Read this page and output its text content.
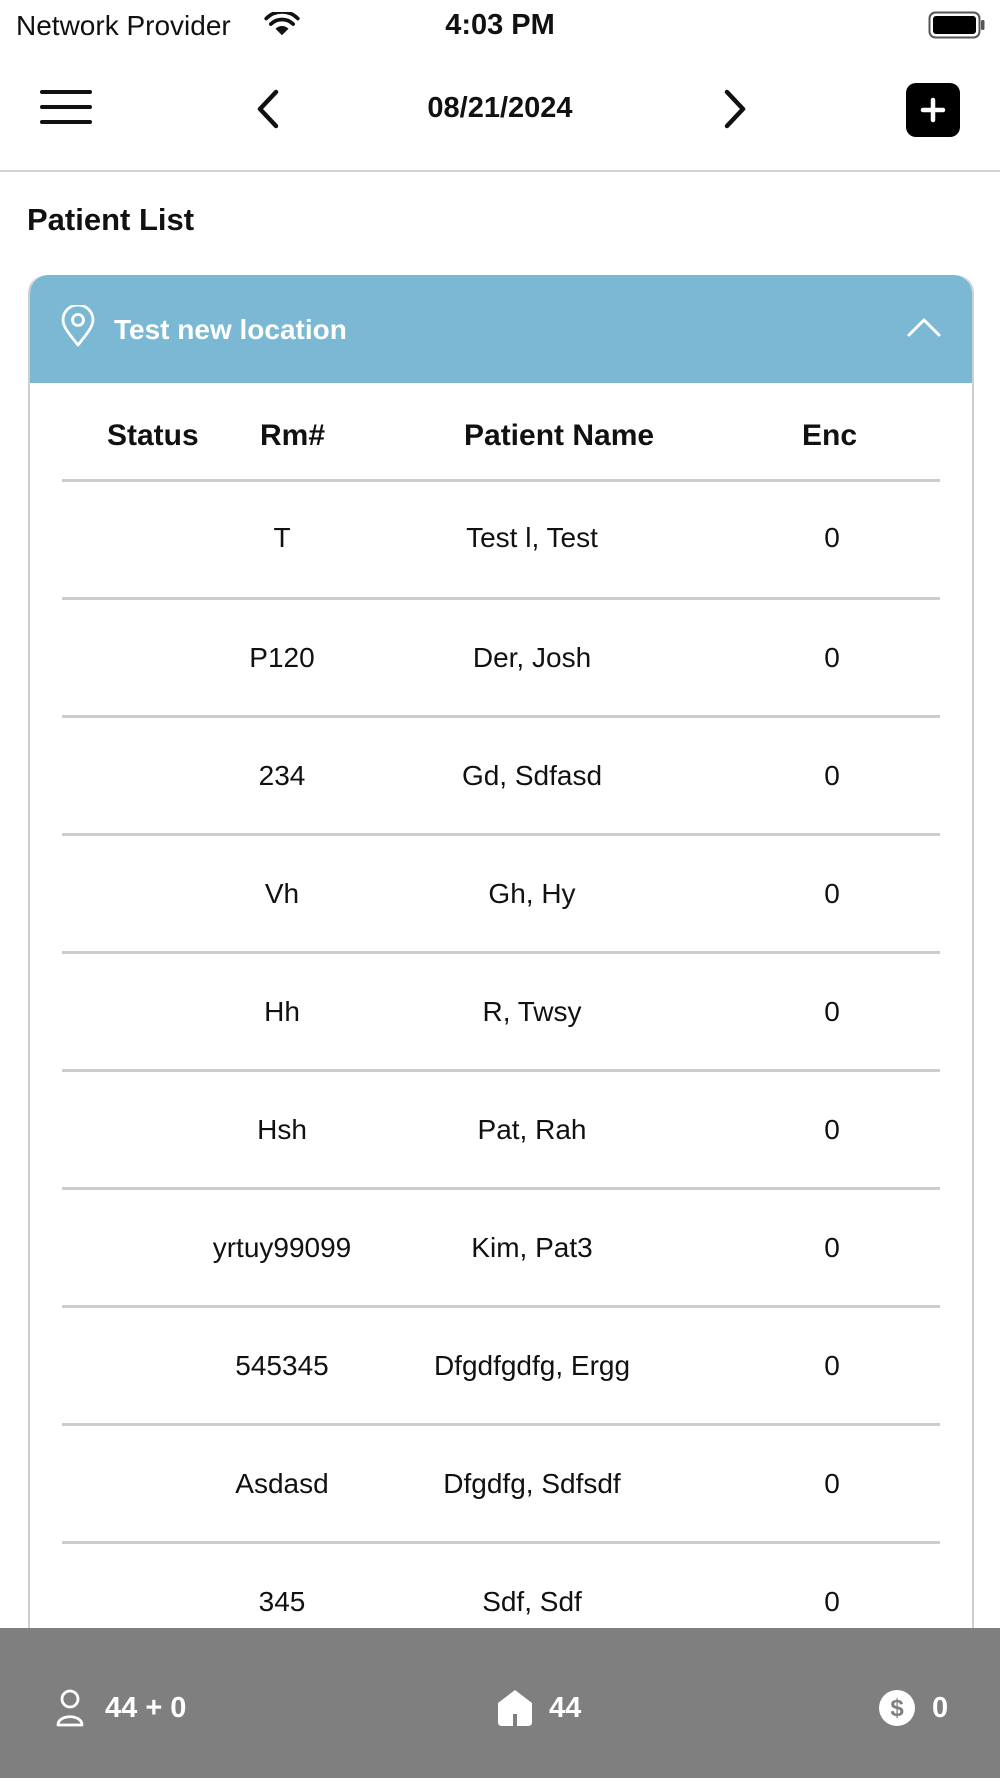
Network Provider	4:03 PM
08/21/2024
Patient List
Test new location
Status Rm#	Patient Name	Enc
T	Test l, Test	0
P120	Der, Josh	0
234	Gd, Sdfasd	0
Vh	Gh, Hy	0
Hh	R, Twsy	0
Hsh	Pat, Rah	0
yrtuy99099	Kim, Pat3	0
545345	Dfgdfgdfg, Ergg	0
Asdasd	Dfgdfg, Sdfsdf	0
345	Sdf, Sdf	0
44 + 0	44	$ 0
